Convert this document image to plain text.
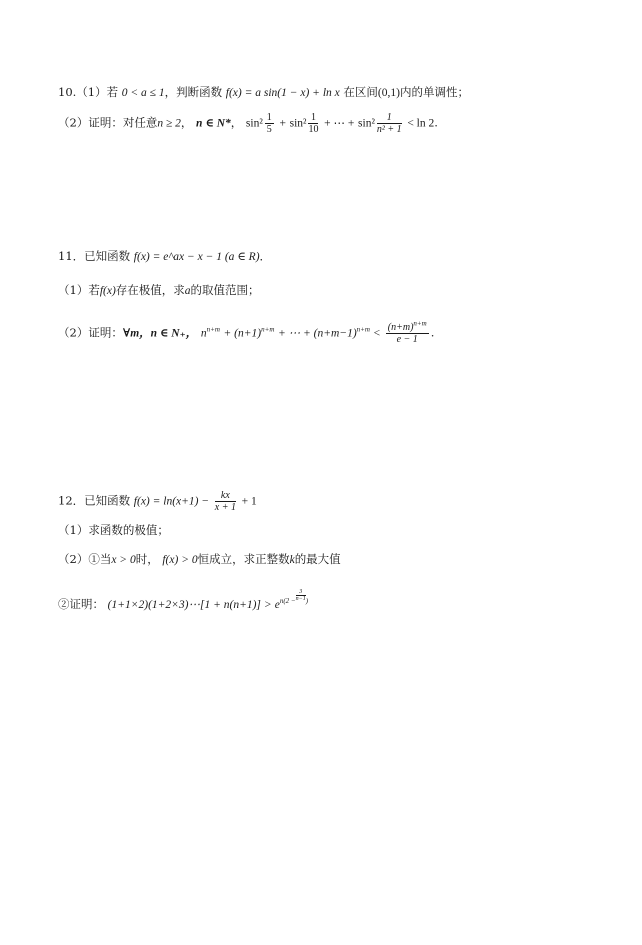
10.（1）若 0 < a ≤ 1，判断函数 f(x) = a sin(1 − x) + ln x 在区间(0,1)内的单调性；
（2）证明：对任意n ≥ 2， n ∈ N*， $\sin^2 \frac{1}{5} + \sin^2 \frac{1}{10}$ + ⋯ + $\sin^2 \frac{1}{\text{n² + 1}} < \ln 2$.
11．已知函数 f(x) = e^ax − x − 1 (a ∈ R)．
（1）若f(x)存在极值，求a的取值范围；
（2）证明：∀m，n ∈ N₊， $n^{n+m} + (n+1)^{n+m}$ + ⋯ + $(n+m-1)^{n+m} < \frac{(n+m)^{n+m}}{e - 1}$ .
12．已知函数 $f(x) = \ln(x+1) - \frac{kx}{x + 1} + 1$
（1）求函数的极值；
（2）①当x > 0时， f(x) > 0恒成立，求正整数k的最大值
②证明： (1+1×2)(1+2×3)⋯[1 + $n(n+1)] > e^{n(2 - \frac{3}{n-1} )}$
